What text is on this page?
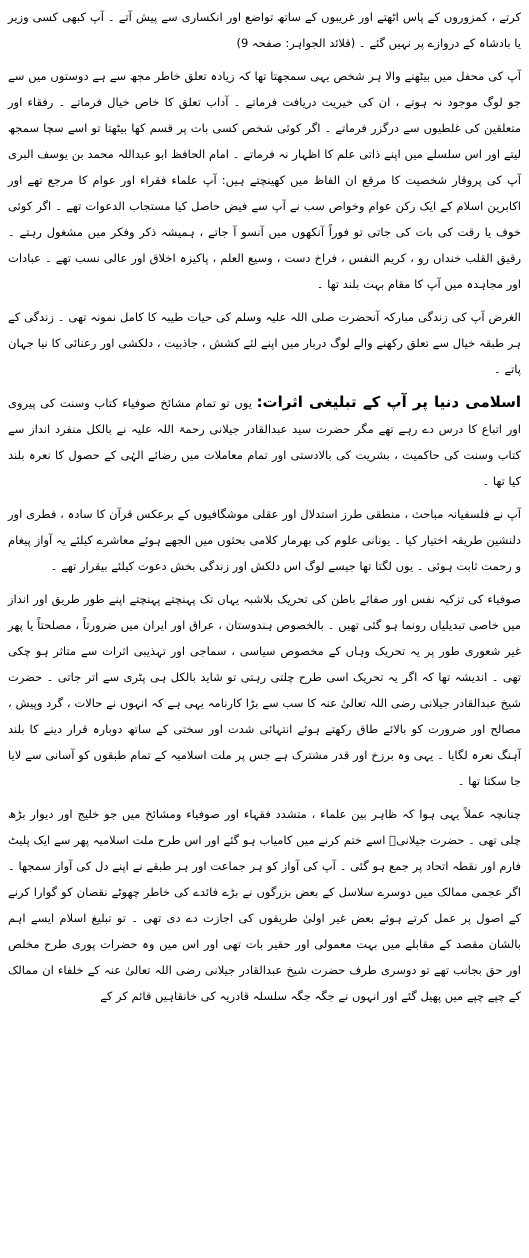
کرتے ، کمزوروں کے پاس اٹھتے اور غریبوں کے ساتھ تواضع اور انکساری سے پیش آتے ۔ آپ کبھی کسی وزیر یا بادشاہ کے دروازے پر نہیں گئے ۔ (قلائد الجواہر: صفحہ 9)

آپ کی محفل میں بیٹھنے والا ہر شخص یہی سمجھتا تھا کہ زیادہ تعلق خاطر مجھ سے ہے دوستوں میں سے جو لوگ موجود نہ ہوتے ، ان کی خیریت دریافت فرماتے ۔ آداب تعلق کا خاص خیال فرماتے ۔ رفقاء اور متعلقین کی غلطیوں سے درگزر فرماتے ۔ اگر کوئی شخص کسی بات پر قسم کھا بیٹھتا تو اسے سچا سمجھ لیتے اور اس سلسلے میں اپنے ذاتی علم کا اظہار نہ فرماتے ۔ امام الحافظ ابو عبداللہ محمد بن یوسف البری آپ کی پروقار شخصیت کا مرقع ان الفاظ میں کھینچتے ہیں: آپ علماء فقراء اور عوام کا مرجع تھے اور اکابرین اسلام کے ایک رکن عوام وخواص سب نے آپ سے فیض حاصل کیا مستجاب الدعوات تھے ۔ اگر کوئی خوف یا رقت کی بات کی جاتی تو فوراً آنکھوں میں آنسو آ جاتے ، ہمیشہ ذکر وفکر میں مشغول رہتے ۔ رقیق القلب خنداں رو ، کریم النفس ، فراخ دست ، وسیع العلم ، پاکیزہ اخلاق اور عالی نسب تھے ۔ عبادات اور مجاہدہ میں آپ کا مقام بہت بلند تھا ۔

الغرض آپ کی زندگی مبارکہ آنحضرت صلی اللہ علیہ وسلم کی حیات طیبہ کا کامل نمونہ تھی ۔ زندگی کے ہر طبقہ خیال سے تعلق رکھنے والے لوگ دربار میں اپنے لئے کشش ، جاذبیت ، دلکشی اور رعنائی کا نیا جہان پاتے ۔

اسلامی دنیا پر آپ کے تبلیغی اثرات: یوں تو تمام مشائخ صوفیاء کتاب وسنت کی پیروی اور اتباع کا درس دے رہے تھے مگر حضرت سید عبدالقادر جیلانی رحمۃ اللہ علیہ نے بالکل منفرد انداز سے کتاب وسنت کی حاکمیت ، بشریت کی بالادستی اور تمام معاملات میں رضائے الہٰی کے حصول کا نعرہ بلند کیا تھا ۔

آپ نے فلسفیانہ مباحث ، منطقی طرز استدلال اور عقلی موشگافیوں کے برعکس قرآن کا سادہ ، فطری اور دلنشین طریقہ اختیار کیا ۔ یونانی علوم کی بھرمار کلامی بحثوں میں الجھے ہوئے معاشرے کیلئے یہ آواز پیغام و رحمت ثابت ہوئی ۔ یوں لگتا تھا جیسے لوگ اس دلکش اور زندگی بخش دعوت کیلئے بیقرار تھے ۔

صوفیاء کی تزکیہ نفس اور صفائے باطن کی تحریک بلاشبہ یہاں تک پہنچتے پہنچتے اپنے طور طریق اور انداز میں خاصی تبدیلیاں رونما ہو گئی تھیں ۔ بالخصوص ہندوستان ، عراق اور ایران میں ضرورتاً ، مصلحتاً یا پھر غیر شعوری طور پر یہ تحریک وہاں کے مخصوص سیاسی ، سماجی اور تہذیبی اثرات سے متاثر ہو چکی تھی ۔ اندیشہ تھا کہ اگر یہ تحریک اسی طرح چلتی رہتی تو شاید بالکل ہی پٹری سے اتر جاتی ۔ حضرت شیخ عبدالقادر جیلانی رضی اللہ تعالیٰ عنہ کا سب سے بڑا کارنامہ یہی ہے کہ انہوں نے حالات ، گرد وپیش ، مصالح اور ضرورت کو بالائے طاق رکھتے ہوئے انتہائی شدت اور سختی کے ساتھ دوبارہ قرار دینے کا بلند آہنگ نعرہ لگایا ۔ یہی وہ برزخ اور قدر مشترک ہے جس پر ملت اسلامیہ کے تمام طبقوں کو آسانی سے لایا جا سکتا تھا ۔

چنانچہ عملاً یہی ہوا کہ ظاہر بین علماء ، متشدد فقہاء اور صوفیاء ومشائخ میں جو خلیج اور دیوار بڑھ چلی تھی ۔ حضرت جیلانیؒ اسے ختم کرنے میں کامیاب ہو گئے اور اس طرح ملت اسلامیہ پھر سے ایک پلیٹ فارم اور نقطہ اتحاد پر جمع ہو گئی ۔ آپ کی آواز کو ہر جماعت اور ہر طبقے نے اپنے دل کی آواز سمجھا ۔ اگر عجمی ممالک میں دوسرے سلاسل کے بعض بزرگوں نے بڑے فائدے کی خاطر چھوٹے نقصان کو گوارا کرنے کے اصول پر عمل کرتے ہوئے بعض غیر اولیٰ طریقوں کی اجازت دے دی تھی ۔ تو تبلیغ اسلام ایسے اہم بالشان مقصد کے مقابلے میں بہت معمولی اور حقیر بات تھی اور اس میں وہ حضرات پوری طرح مخلص اور حق بجانب تھے تو دوسری طرف حضرت شیخ عبدالقادر جیلانی رضی اللہ تعالیٰ عنہ کے خلفاء ان ممالک کے چپے چپے میں پھیل گئے اور انہوں نے جگہ جگہ سلسلہ قادریہ کی خانقاہیں قائم کر کے
